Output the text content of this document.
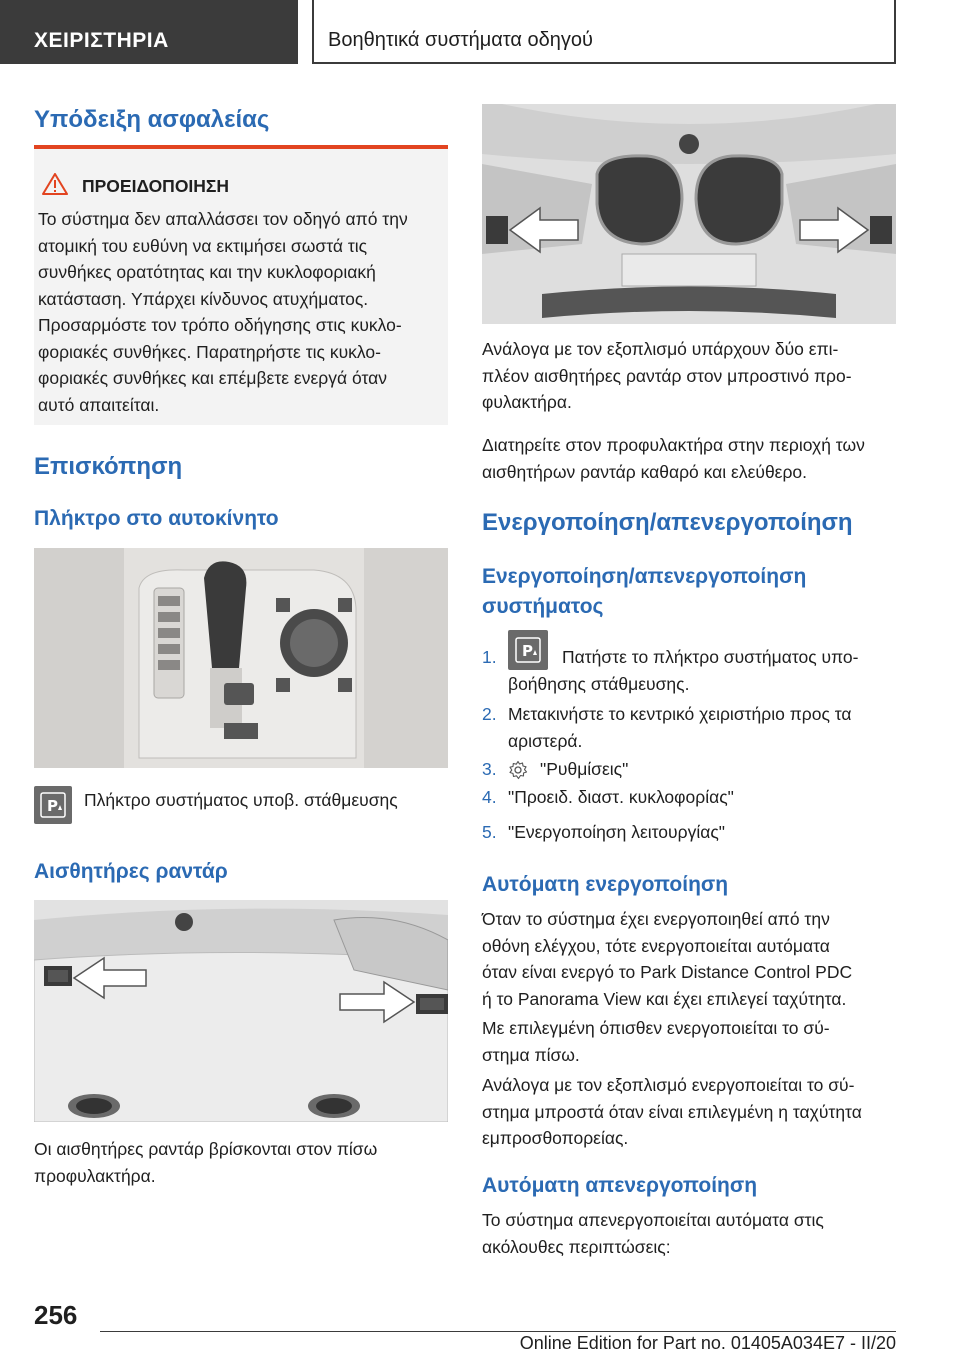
ΧΕΙΡΙΣΤΗΡΙΑ	Βοηθητικά συστήματα οδηγού
Υπόδειξη ασφαλείας
ΠΡΟΕΙΔΟΠΟΙΗΣΗ
Το σύστημα δεν απαλλάσσει τον οδηγό από την
ατομική του ευθύνη να εκτιμήσει σωστά τις
συνθήκες ορατότητας και την κυκλοφοριακή
κατάσταση. Υπάρχει κίνδυνος ατυχήματος.
Προσαρμόστε τον τρόπο οδήγησης στις κυκλο-
φοριακές συνθήκες. Παρατηρήστε τις κυκλο-
φοριακές συνθήκες και επέμβετε ενεργά όταν
αυτό απαιτείται.
Επισκόπηση
Πλήκτρο στο αυτοκίνητο
P Πλήκτρο συστήματος υποβ. στάθμευσης
Αισθητήρες ραντάρ
Οι αισθητήρες ραντάρ βρίσκονται στον πίσω
προφυλακτήρα.
Ανάλογα με τον εξοπλισμό υπάρχουν δύο επι-
πλέον αισθητήρες ραντάρ στον μπροστινό προ-
φυλακτήρα.
Διατηρείτε στον προφυλακτήρα στην περιοχή των
αισθητήρων ραντάρ καθαρό και ελεύθερο.
Ενεργοποίηση/απενεργοποίηση
Ενεργοποίηση/απενεργοποίηση
συστήματος
1. P	Πατήστε το πλήκτρο συστήματος υπο-
βοήθησης στάθμευσης.
2. Μετακινήστε το κεντρικό χειριστήριο προς τα
αριστερά.
3. "Ρυθμίσεις"
4. "Προειδ. διαστ. κυκλοφορίας"
5. "Ενεργοποίηση λειτουργίας"
Αυτόματη ενεργοποίηση
Όταν το σύστημα έχει ενεργοποιηθεί από την
οθόνη ελέγχου, τότε ενεργοποιείται αυτόματα
όταν είναι ενεργό το Park Distance Control PDC
ή το Panorama View και έχει επιλεγεί ταχύτητα.
Με επιλεγμένη όπισθεν ενεργοποιείται το σύ-
στημα πίσω.
Ανάλογα με τον εξοπλισμό ενεργοποιείται το σύ-
στημα μπροστά όταν είναι επιλεγμένη η ταχύτητα
εμπροσθοπορείας.
Αυτόματη απενεργοποίηση
Το σύστημα απενεργοποιείται αυτόματα στις
ακόλουθες περιπτώσεις:
256
Online Edition for Part no. 01405A034E7 - II/20
